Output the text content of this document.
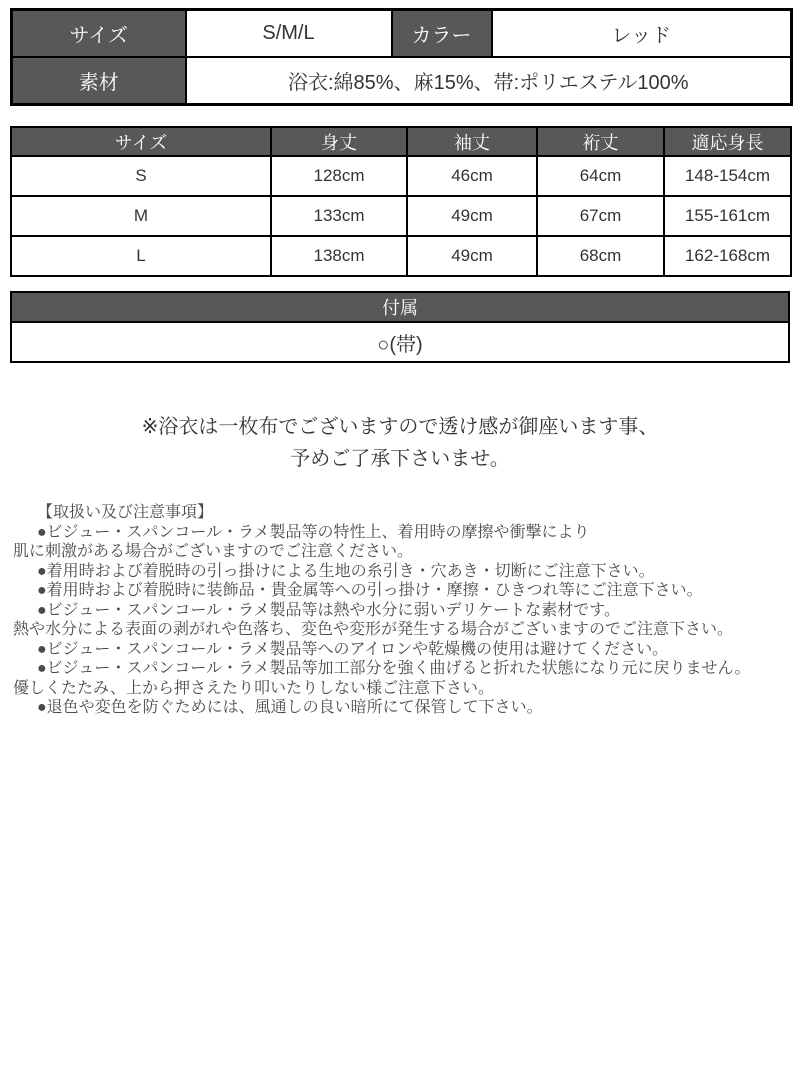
サイズ	S/M/L	カラー	レッド
素材	浴衣:綿85%、麻15%、帯:ポリエステル100%		
サイズ	身丈	袖丈	裄丈	適応身長
S	128cm	46cm	64cm	148-154cm
M	133cm	49cm	67cm	155-161cm
L	138cm	49cm	68cm	162-168cm
付属
○(帯)
※浴衣は一枚布でございますので透け感が御座います事、
予めご了承下さいませ。
【取扱い及び注意事項】
●ビジュー・スパンコール・ラメ製品等の特性上、着用時の摩擦や衝撃により
肌に刺激がある場合がございますのでご注意ください。
●着用時および着脱時の引っ掛けによる生地の糸引き・穴あき・切断にご注意下さい。
●着用時および着脱時に装飾品・貴金属等への引っ掛け・摩擦・ひきつれ等にご注意下さい。
●ビジュー・スパンコール・ラメ製品等は熱や水分に弱いデリケートな素材です。
熱や水分による表面の剥がれや色落ち、変色や変形が発生する場合がございますのでご注意下さい。
●ビジュー・スパンコール・ラメ製品等へのアイロンや乾燥機の使用は避けてください。
●ビジュー・スパンコール・ラメ製品等加工部分を強く曲げると折れた状態になり元に戻りません。
優しくたたみ、上から押さえたり叩いたりしない様ご注意下さい。
●退色や変色を防ぐためには、風通しの良い暗所にて保管して下さい。
